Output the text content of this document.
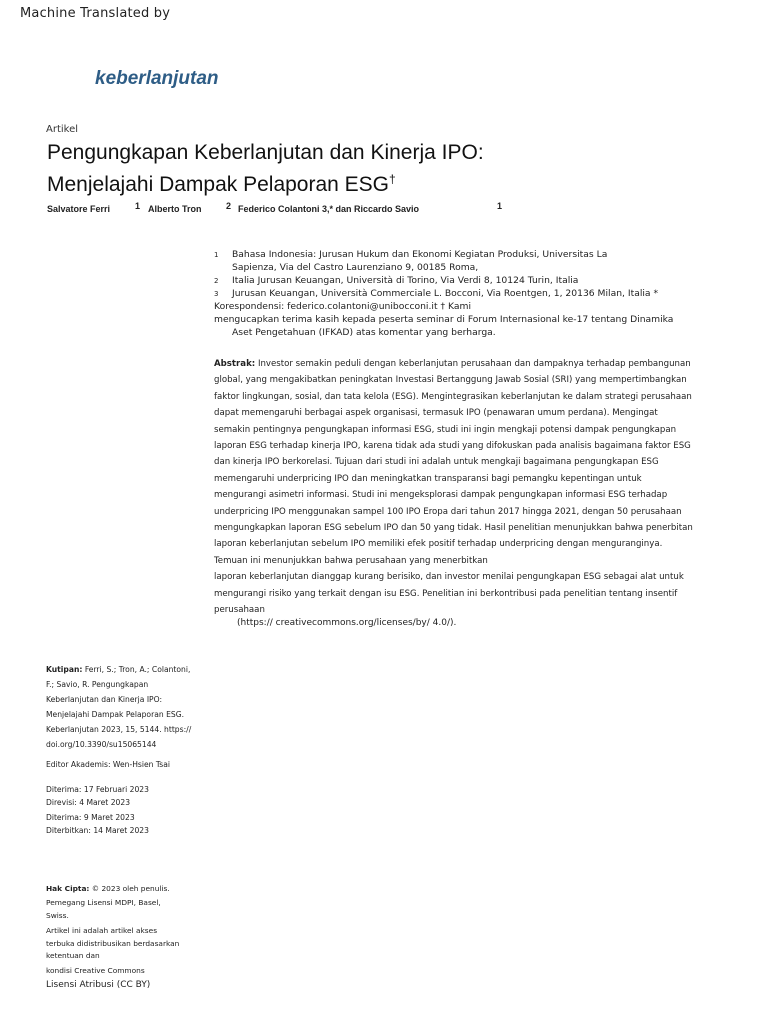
Machine Translated by
keberlanjutan
Artikel
Pengungkapan Keberlanjutan dan Kinerja IPO:
Menjelajahi Dampak Pelaporan ESG†
Salvatore Ferri	1 Alberto Tron	2 Federico Colantoni 3,* dan Riccardo Savio	1
1 Bahasa Indonesia: Jurusan Hukum dan Ekonomi Kegiatan Produksi, Universitas La
Sapienza, Via del Castro Laurenziano 9, 00185 Roma,
2 Italia Jurusan Keuangan, Università di Torino, Via Verdi 8, 10124 Turin, Italia
3 Jurusan Keuangan, Università Commerciale L. Bocconi, Via Roentgen, 1, 20136 Milan, Italia *
Korespondensi: federico.colantoni@unibocconi.it † Kami
mengucapkan terima kasih kepada peserta seminar di Forum Internasional ke-17 tentang Dinamika
Aset Pengetahuan (IFKAD) atas komentar yang berharga.
Abstrak: Investor semakin peduli dengan keberlanjutan perusahaan dan dampaknya terhadap pembangunan
global, yang mengakibatkan peningkatan Investasi Bertanggung Jawab Sosial (SRI) yang mempertimbangkan
faktor lingkungan, sosial, dan tata kelola (ESG). Mengintegrasikan keberlanjutan ke dalam strategi perusahaan
dapat memengaruhi berbagai aspek organisasi, termasuk IPO (penawaran umum perdana). Mengingat
semakin pentingnya pengungkapan informasi ESG, studi ini ingin mengkaji potensi dampak pengungkapan
laporan ESG terhadap kinerja IPO, karena tidak ada studi yang difokuskan pada analisis bagaimana faktor ESG
dan kinerja IPO berkorelasi. Tujuan dari studi ini adalah untuk mengkaji bagaimana pengungkapan ESG
memengaruhi underpricing IPO dan meningkatkan transparansi bagi pemangku kepentingan untuk
mengurangi asimetri informasi. Studi ini mengeksplorasi dampak pengungkapan informasi ESG terhadap
underpricing IPO menggunakan sampel 100 IPO Eropa dari tahun 2017 hingga 2021, dengan 50 perusahaan
mengungkapkan laporan ESG sebelum IPO dan 50 yang tidak. Hasil penelitian menunjukkan bahwa penerbitan
laporan keberlanjutan sebelum IPO memiliki efek positif terhadap underpricing dengan menguranginya.
Temuan ini menunjukkan bahwa perusahaan yang menerbitkan
laporan keberlanjutan dianggap kurang berisiko, dan investor menilai pengungkapan ESG sebagai alat untuk
mengurangi risiko yang terkait dengan isu ESG. Penelitian ini berkontribusi pada penelitian tentang insentif
perusahaan
(https:// creativecommons.org/licenses/by/ 4.0/).
Kutipan: Ferri, S.; Tron, A.; Colantoni,
F.; Savio, R. Pengungkapan
Keberlanjutan dan Kinerja IPO:
Menjelajahi Dampak Pelaporan ESG.
Keberlanjutan 2023, 15, 5144. https://
doi.org/10.3390/su15065144
Editor Akademis: Wen-Hsien Tsai
Diterima: 17 Februari 2023
Direvisi: 4 Maret 2023
Diterima: 9 Maret 2023
Diterbitkan: 14 Maret 2023
Hak Cipta: © 2023 oleh penulis.
Pemegang Lisensi MDPI, Basel,
Swiss.
Artikel ini adalah artikel akses
terbuka didistribusikan berdasarkan
ketentuan dan
kondisi Creative Commons
Lisensi Atribusi (CC BY)
